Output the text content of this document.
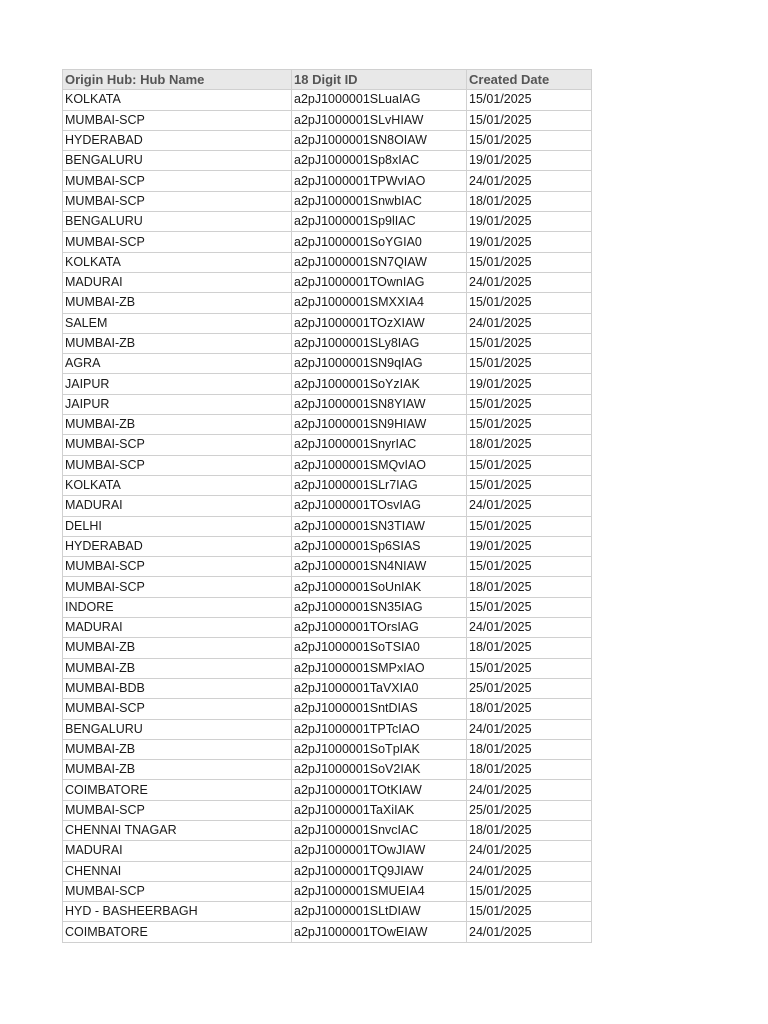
Origin Hub: Hub Name	18 Digit ID	Created Date
KOLKATA	a2pJ1000001SLuaIAG	15/01/2025
MUMBAI-SCP	a2pJ1000001SLvHIAW	15/01/2025
HYDERABAD	a2pJ1000001SN8OIAW	15/01/2025
BENGALURU	a2pJ1000001Sp8xIAC	19/01/2025
MUMBAI-SCP	a2pJ1000001TPWvIAO	24/01/2025
MUMBAI-SCP	a2pJ1000001SnwbIAC	18/01/2025
BENGALURU	a2pJ1000001Sp9lIAC	19/01/2025
MUMBAI-SCP	a2pJ1000001SoYGIA0	19/01/2025
KOLKATA	a2pJ1000001SN7QIAW	15/01/2025
MADURAI	a2pJ1000001TOwnIAG	24/01/2025
MUMBAI-ZB	a2pJ1000001SMXXIA4	15/01/2025
SALEM	a2pJ1000001TOzXIAW	24/01/2025
MUMBAI-ZB	a2pJ1000001SLy8IAG	15/01/2025
AGRA	a2pJ1000001SN9qIAG	15/01/2025
JAIPUR	a2pJ1000001SoYzIAK	19/01/2025
JAIPUR	a2pJ1000001SN8YIAW	15/01/2025
MUMBAI-ZB	a2pJ1000001SN9HIAW	15/01/2025
MUMBAI-SCP	a2pJ1000001SnyrIAC	18/01/2025
MUMBAI-SCP	a2pJ1000001SMQvIAO	15/01/2025
KOLKATA	a2pJ1000001SLr7IAG	15/01/2025
MADURAI	a2pJ1000001TOsvIAG	24/01/2025
DELHI	a2pJ1000001SN3TIAW	15/01/2025
HYDERABAD	a2pJ1000001Sp6SIAS	19/01/2025
MUMBAI-SCP	a2pJ1000001SN4NIAW	15/01/2025
MUMBAI-SCP	a2pJ1000001SoUnIAK	18/01/2025
INDORE	a2pJ1000001SN35IAG	15/01/2025
MADURAI	a2pJ1000001TOrsIAG	24/01/2025
MUMBAI-ZB	a2pJ1000001SoTSIA0	18/01/2025
MUMBAI-ZB	a2pJ1000001SMPxIAO	15/01/2025
MUMBAI-BDB	a2pJ1000001TaVXIA0	25/01/2025
MUMBAI-SCP	a2pJ1000001SntDIAS	18/01/2025
BENGALURU	a2pJ1000001TPTcIAO	24/01/2025
MUMBAI-ZB	a2pJ1000001SoTpIAK	18/01/2025
MUMBAI-ZB	a2pJ1000001SoV2IAK	18/01/2025
COIMBATORE	a2pJ1000001TOtKIAW	24/01/2025
MUMBAI-SCP	a2pJ1000001TaXiIAK	25/01/2025
CHENNAI TNAGAR	a2pJ1000001SnvcIAC	18/01/2025
MADURAI	a2pJ1000001TOwJIAW	24/01/2025
CHENNAI	a2pJ1000001TQ9JIAW	24/01/2025
MUMBAI-SCP	a2pJ1000001SMUEIA4	15/01/2025
HYD - BASHEERBAGH	a2pJ1000001SLtDIAW	15/01/2025
COIMBATORE	a2pJ1000001TOwEIAW	24/01/2025
